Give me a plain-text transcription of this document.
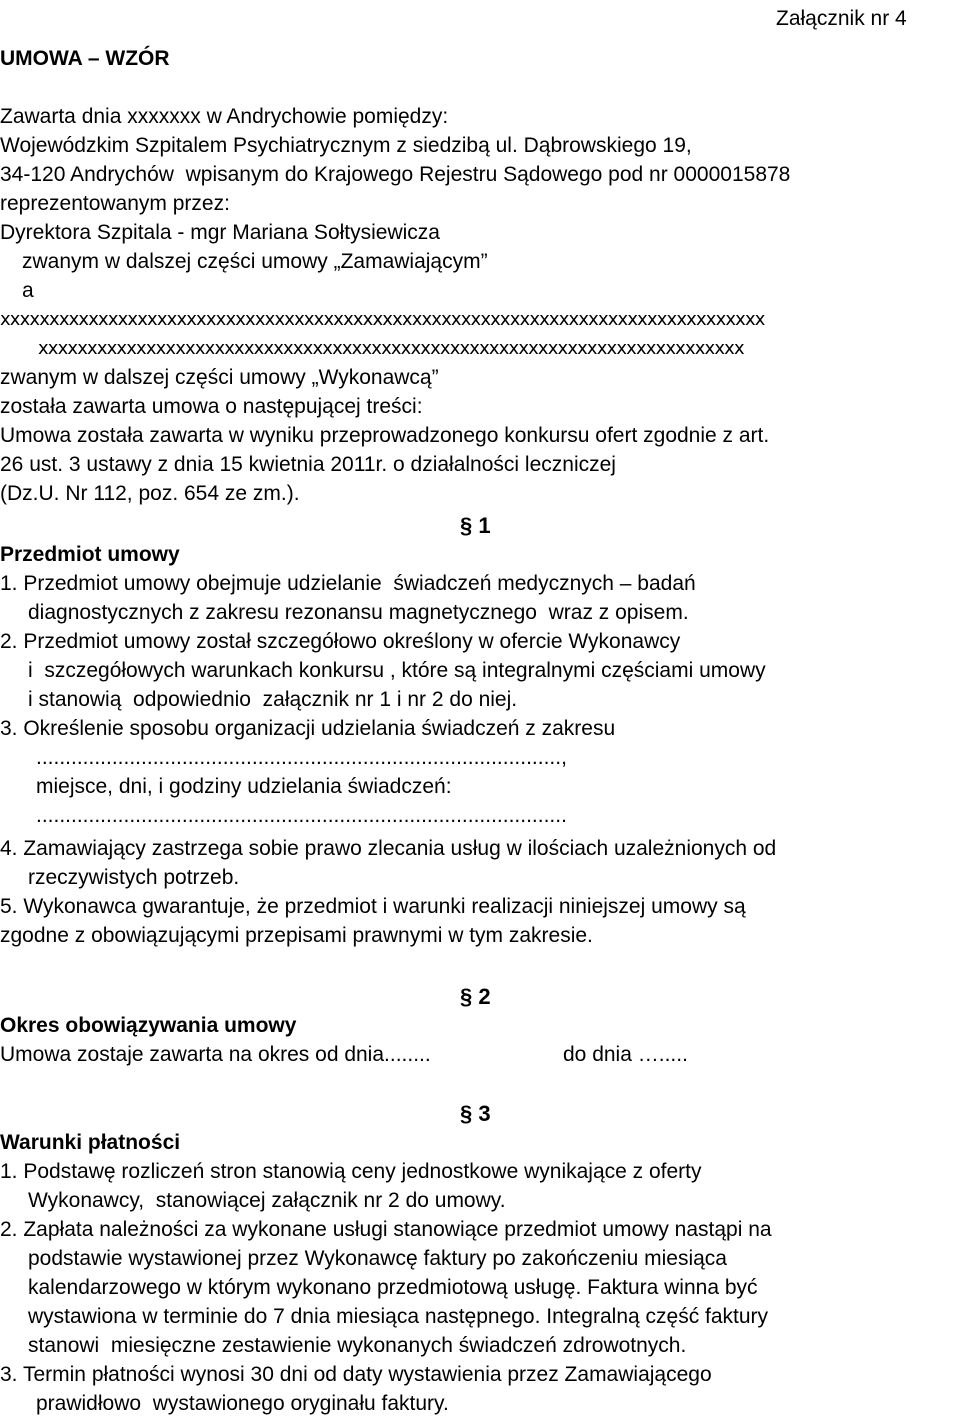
Załącznik nr 4
UMOWA – WZÓR
Zawarta dnia xxxxxxx w Andrychowie pomiędzy:
Wojewódzkim Szpitalem Psychiatrycznym z siedzibą ul. Dąbrowskiego 19,
34-120 Andrychów  wpisanym do Krajowego Rejestru Sądowego pod nr 0000015878
reprezentowanym przez:
Dyrektora Szpitala - mgr Mariana Sołtysiewicza
zwanym w dalszej części umowy „Zamawiającym”
a
xxxxxxxxxxxxxxxxxxxxxxxxxxxxxxxxxxxxxxxxxxxxxxxxxxxxxxxxxxxxxxxxxxxxxxxxxxxxxx
xxxxxxxxxxxxxxxxxxxxxxxxxxxxxxxxxxxxxxxxxxxxxxxxxxxxxxxxxxxxxxxxxxxxxxxx
zwanym w dalszej części umowy „Wykonawcą”
została zawarta umowa o następującej treści:
Umowa została zawarta w wyniku przeprowadzonego konkursu ofert zgodnie z art.
26 ust. 3 ustawy z dnia 15 kwietnia 2011r. o działalności leczniczej
(Dz.U. Nr 112, poz. 654 ze zm.).
§ 1
Przedmiot umowy
1. Przedmiot umowy obejmuje udzielanie  świadczeń medycznych – badań
diagnostycznych z zakresu rezonansu magnetycznego  wraz z opisem.
2. Przedmiot umowy został szczegółowo określony w ofercie Wykonawcy
i  szczegółowych warunkach konkursu , które są integralnymi częściami umowy
i stanowią  odpowiednio  załącznik nr 1 i nr 2 do niej.
3. Określenie sposobu organizacji udzielania świadczeń z zakresu
..........................................................................................,
miejsce, dni, i godziny udzielania świadczeń:
...........................................................................................
4. Zamawiający zastrzega sobie prawo zlecania usług w ilościach uzależnionych od
rzeczywistych potrzeb.
5. Wykonawca gwarantuje, że przedmiot i warunki realizacji niniejszej umowy są
zgodne z obowiązującymi przepisami prawnymi w tym zakresie.
§ 2
Okres obowiązywania umowy
Umowa zostaje zawarta na okres od dnia........	do dnia ….....
§ 3
Warunki płatności
1. Podstawę rozliczeń stron stanowią ceny jednostkowe wynikające z oferty
Wykonawcy,  stanowiącej załącznik nr 2 do umowy.
2. Zapłata należności za wykonane usługi stanowiące przedmiot umowy nastąpi na
podstawie wystawionej przez Wykonawcę faktury po zakończeniu miesiąca
kalendarzowego w którym wykonano przedmiotową usługę. Faktura winna być
wystawiona w terminie do 7 dnia miesiąca następnego. Integralną część faktury
stanowi  miesięczne zestawienie wykonanych świadczeń zdrowotnych.
3. Termin płatności wynosi 30 dni od daty wystawienia przez Zamawiającego
prawidłowo  wystawionego oryginału faktury.
